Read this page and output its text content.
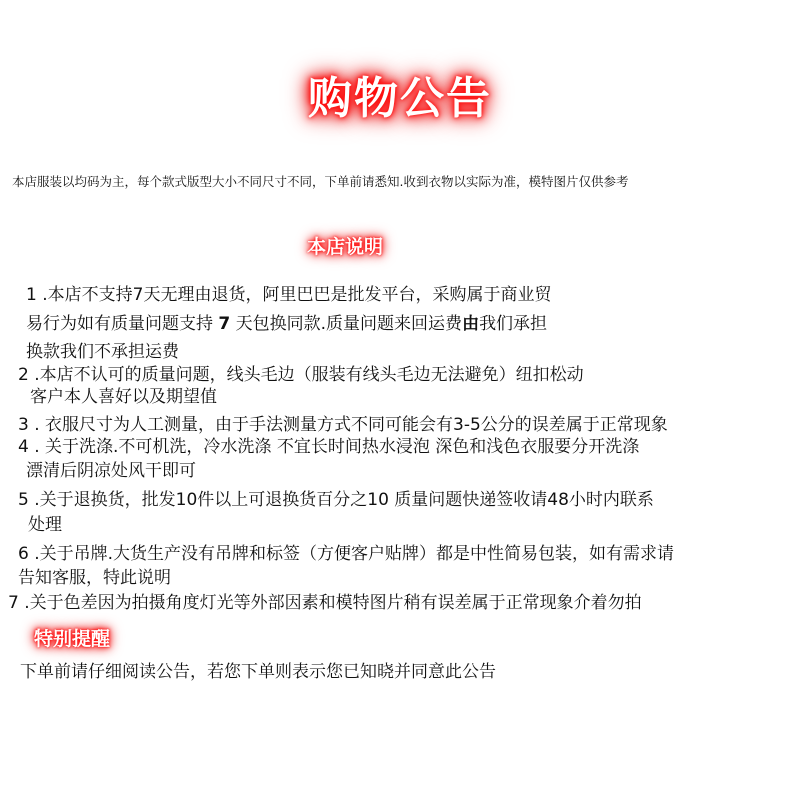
购物公告
本店服装以均码为主，每个款式版型大小不同尺寸不同，下单前请悉知.收到衣物以实际为准，模特图片仅供参考
本店说明
1 .本店不支持7天无理由退货，阿里巴巴是批发平台，采购属于商业贸
易行为如有质量问题支持 7 天包换同款.质量问题来回运费由我们承担
换款我们不承担运费
2 .本店不认可的质量问题，线头毛边（服装有线头毛边无法避免）纽扣松动
客户本人喜好以及期望值
3 . 衣服尺寸为人工测量，由于手法测量方式不同可能会有3-5公分的误差属于正常现象
4 . 关于洗涤.不可机洗，冷水洗涤 不宜长时间热水浸泡 深色和浅色衣服要分开洗涤
漂清后阴凉处风干即可
5 .关于退换货，批发10件以上可退换货百分之10 质量问题快递签收请48小时内联系
处理
6 .关于吊牌.大货生产没有吊牌和标签（方便客户贴牌）都是中性简易包装，如有需求请
告知客服，特此说明
7 .关于色差因为拍摄角度灯光等外部因素和模特图片稍有误差属于正常现象介着勿拍
特别提醒
下单前请仔细阅读公告，若您下单则表示您已知晓并同意此公告
